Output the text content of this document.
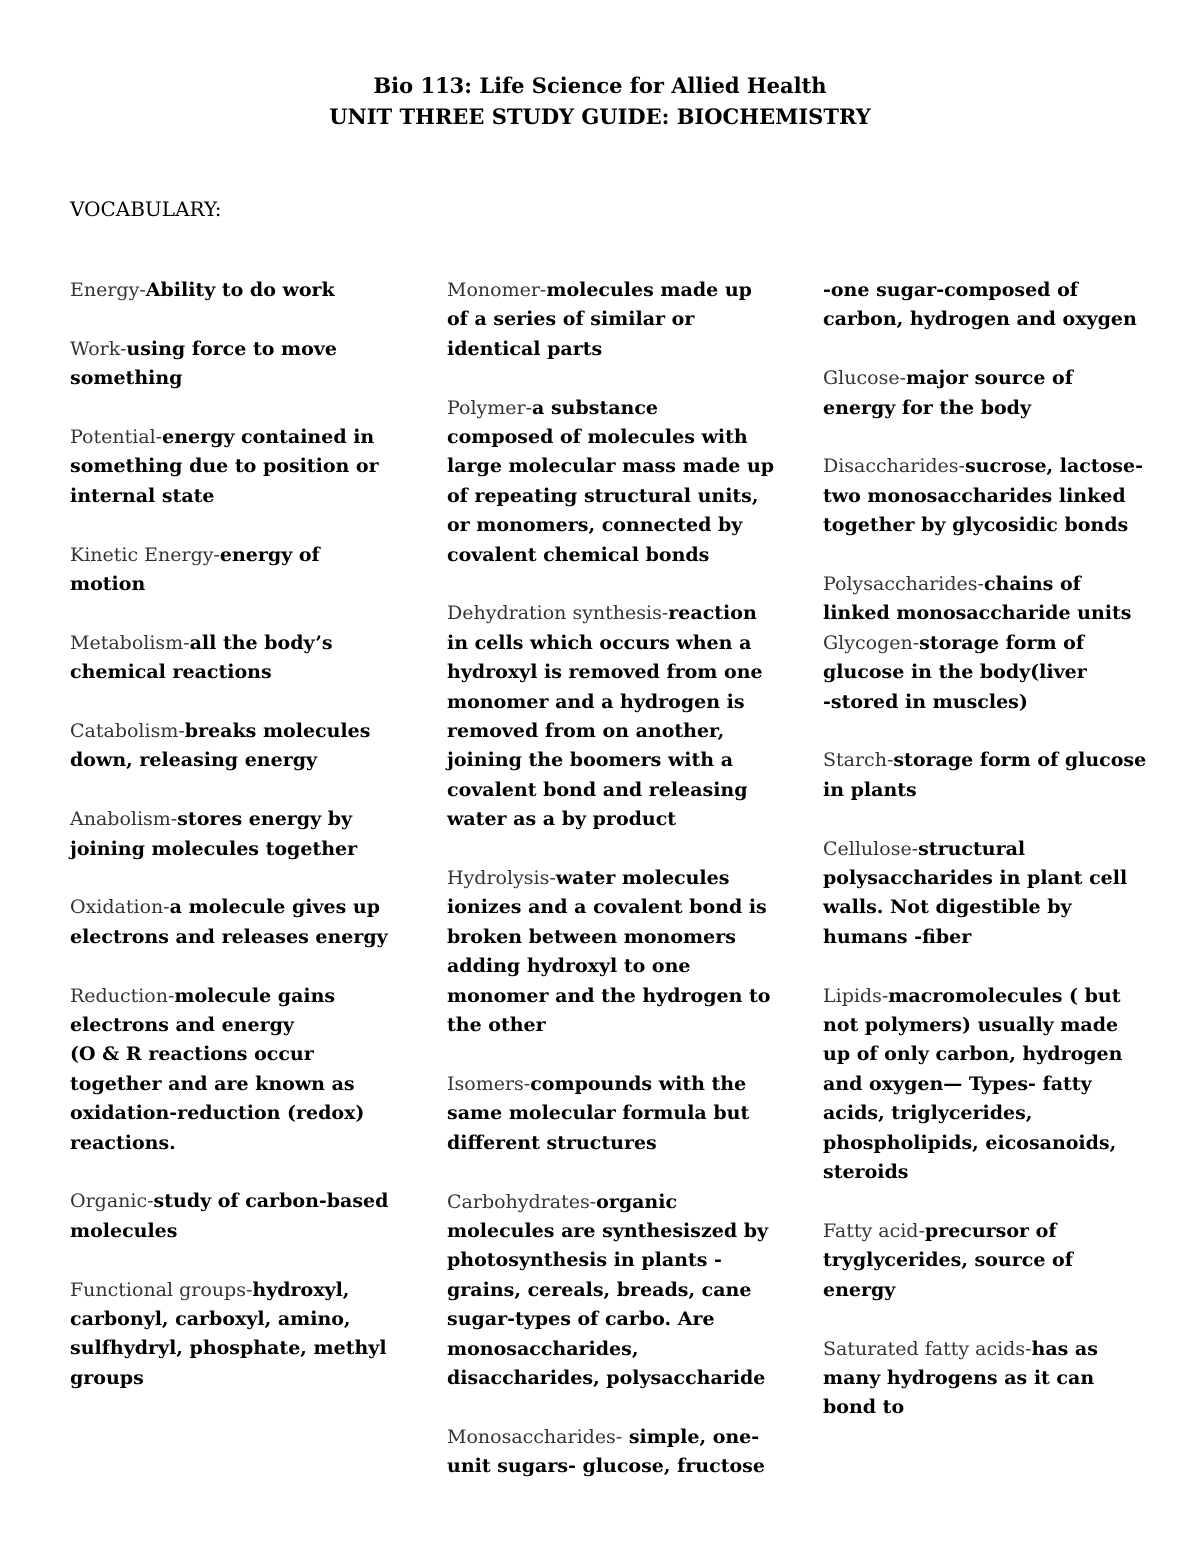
Bio 113: Life Science for Allied Health
UNIT THREE STUDY GUIDE: BIOCHEMISTRY
VOCABULARY:
Energy-Ability to do work
Work-using force to move
something
Potential-energy contained in
something due to position or
internal state
Kinetic Energy-energy of
motion
Metabolism-all the body’s
chemical reactions
Catabolism-breaks molecules
down, releasing energy
Anabolism-stores energy by
joining molecules together
Oxidation-a molecule gives up
electrons and releases energy
Reduction-molecule gains
electrons and energy
(O & R reactions occur
together and are known as
oxidation-reduction (redox)
reactions.
Organic-study of carbon-based
molecules
Functional groups-hydroxyl,
carbonyl, carboxyl, amino,
sulfhydryl, phosphate, methyl
groups
Monomer-molecules made up
of a series of similar or
identical parts
Polymer-a substance
composed of molecules with
large molecular mass made up
of repeating structural units,
or monomers, connected by
covalent chemical bonds
Dehydration synthesis-reaction
in cells which occurs when a
hydroxyl is removed from one
monomer and a hydrogen is
removed from on another,
joining the boomers with a
covalent bond and releasing
water as a by product
Hydrolysis-water molecules
ionizes and a covalent bond is
broken between monomers
adding hydroxyl to one
monomer and the hydrogen to
the other
Isomers-compounds with the
same molecular formula but
different structures
Carbohydrates-organic
molecules are synthesiszed by
photosynthesis in plants -
grains, cereals, breads, cane
sugar-types of carbo. Are
monosaccharides,
disaccharides, polysaccharide
Monosaccharides- simple, one-
unit sugars- glucose, fructose
-one sugar-composed of
carbon, hydrogen and oxygen
Glucose-major source of
energy for the body
Disaccharides-sucrose, lactose-
two monosaccharides linked
together by glycosidic bonds
Polysaccharides-chains of
linked monosaccharide units
Glycogen-storage form of
glucose in the body(liver
-stored in muscles)
Starch-storage form of glucose
in plants
Cellulose-structural
polysaccharides in plant cell
walls. Not digestible by
humans -fiber
Lipids-macromolecules ( but
not polymers) usually made
up of only carbon, hydrogen
and oxygen— Types- fatty
acids, triglycerides,
phospholipids, eicosanoids,
steroids
Fatty acid-precursor of
tryglycerides, source of
energy
Saturated fatty acids-has as
many hydrogens as it can
bond to
